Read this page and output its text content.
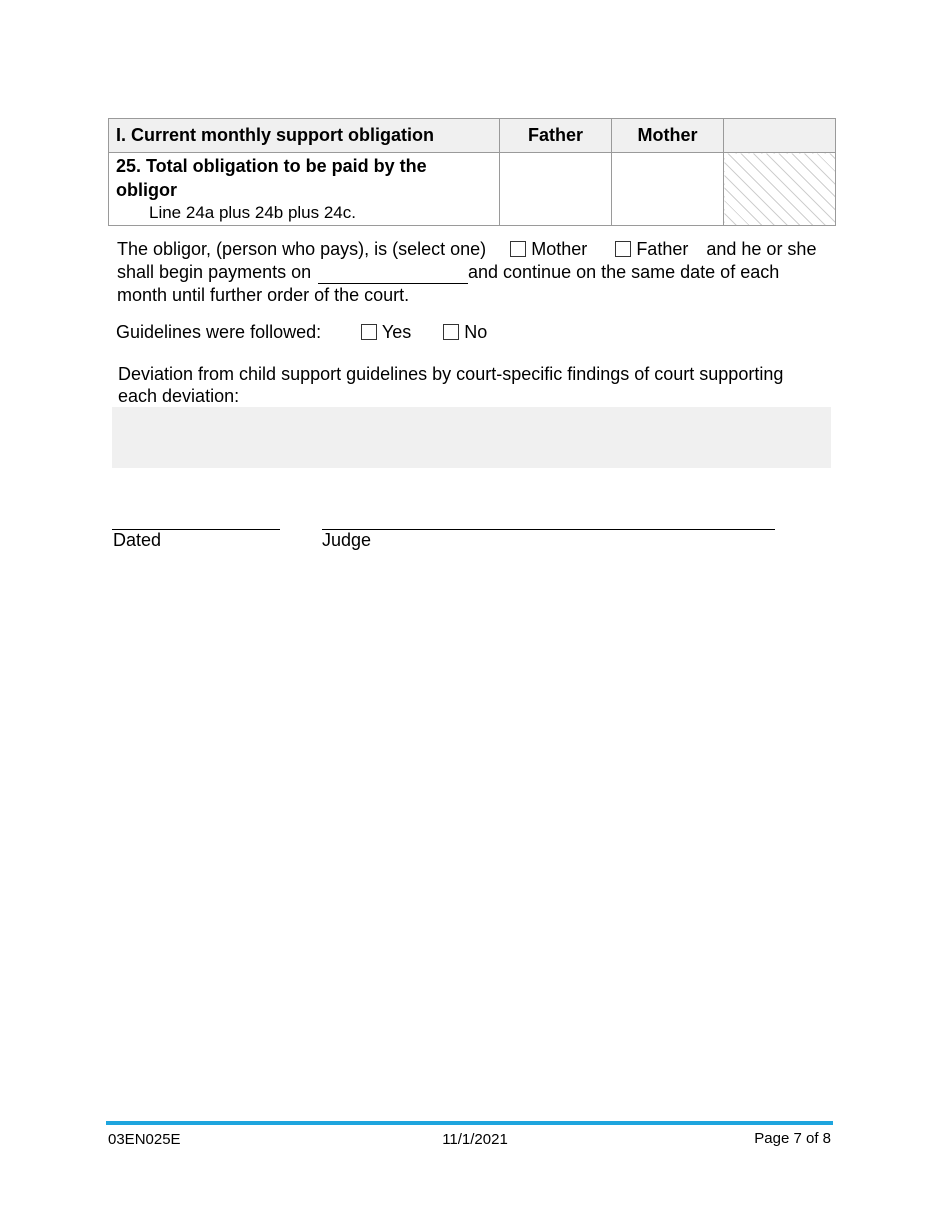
I. Current monthly support obligation	Father	Mother	

25. Total obligation to be paid by the obligor
Line 24a plus 24b plus 24c.			

The obligor, (person who pays), is (select one)	Mother	Father and he or she
shall begin payments on	and continue on the same date of each
month until further order of the court.
Guidelines were followed:	Yes	No
Deviation from child support guidelines by court-specific findings of court supporting each deviation:
Dated	Judge
03EN025E	11/1/2021	Page 7 of 8
